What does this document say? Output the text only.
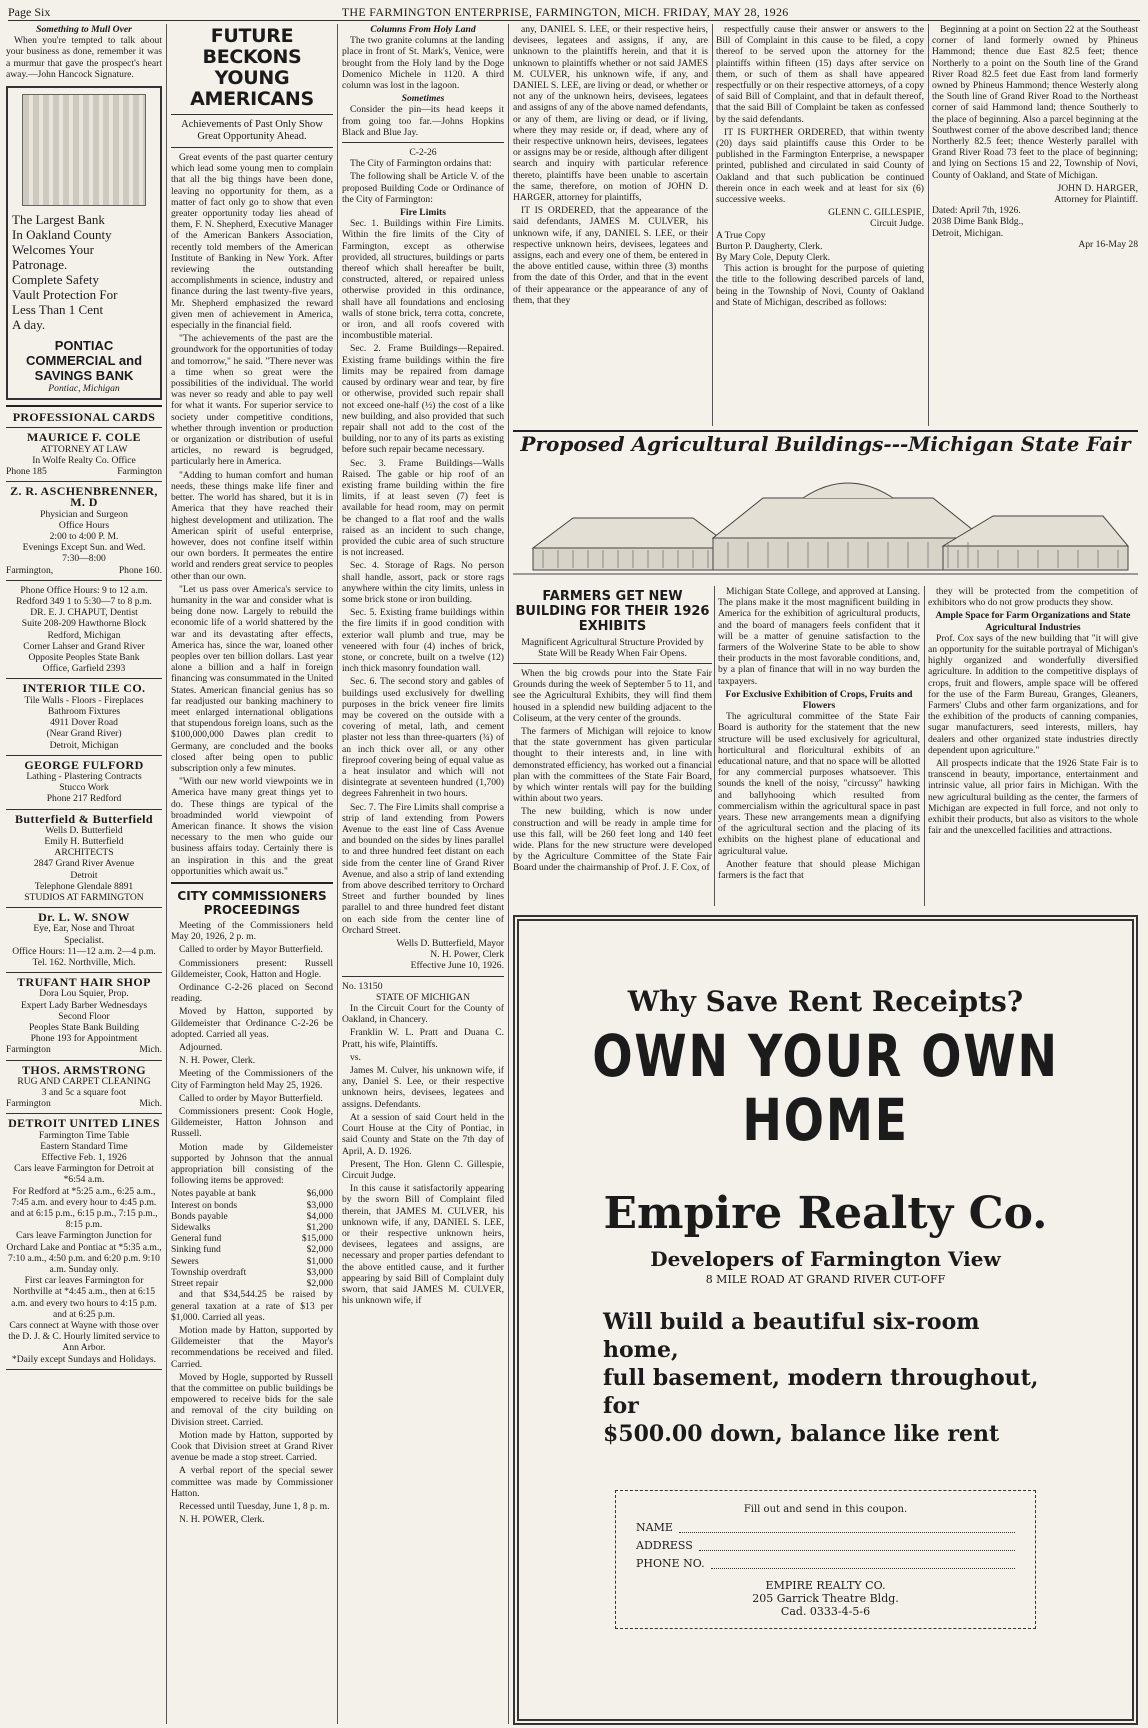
Page Six	THE FARMINGTON ENTERPRISE, FARMINGTON, MICH. FRIDAY, MAY 28, 1926
Something to Mull Over

When you're tempted to talk about your business as done, remember it was a murmur that gave the prospect's heart away.—John Hancock Signature.

The Largest Bank
In Oakland County
Welcomes Your
Patronage.
Complete Safety
Vault Protection For
Less Than 1 Cent
A day.
PONTIAC
COMMERCIAL and
SAVINGS BANK
Pontiac, Michigan
PROFESSIONAL CARDS
MAURICE F. COLE
ATTORNEY AT LAW
In Wolfe Realty Co. Office
Phone 185	Farmington
Z. R. ASCHENBRENNER, M. D
Physician and Surgeon
Office Hours
2:00 to 4:00 P. M.
Evenings Except Sun. and Wed.
7:30—8:00
Farmington,	Phone 160.
Phone Office Hours: 9 to 12 a.m.
Redford 349 1 to 5:30—7 to 8 p.m.
DR. E. J. CHAPUT, Dentist
Suite 208-209 Hawthorne Block
Redford, Michigan
Corner Lahser and Grand River
Opposite Peoples State Bank
Office, Garfield 2393
INTERIOR TILE CO.
Tile Walls - Floors - Fireplaces
Bathroom Fixtures
4911 Dover Road
(Near Grand River)
Detroit, Michigan
GEORGE FULFORD
Lathing - Plastering Contracts
Stucco Work
Phone 217 Redford
Butterfield & Butterfield
Wells D. Butterfield
Emily H. Butterfield
ARCHITECTS
2847 Grand River Avenue
Detroit
Telephone Glendale 8891
STUDIOS AT FARMINGTON
Dr. L. W. SNOW
Eye, Ear, Nose and Throat
Specialist.
Office Hours: 11—12 a.m. 2—4 p.m.
Tel. 162. Northville, Mich.
TRUFANT HAIR SHOP
Dora Lou Squier, Prop.
Expert Lady Barber Wednesdays
Second Floor
Peoples State Bank Building
Phone 193 for Appointment
Farmington	Mich.
THOS. ARMSTRONG
RUG AND CARPET CLEANING
3 and 5c a square foot
Farmington	Mich.
DETROIT UNITED LINES
Farmington Time Table
Eastern Standard Time
Effective Feb. 1, 1926
Cars leave Farmington for Detroit at *6:54 a.m.
For Redford at *5:25 a.m., 6:25 a.m., 7:45 a.m. and every hour to 4:45 p.m. and at 6:15 p.m., 6:15 p.m., 7:15 p.m., 8:15 p.m.
Cars leave Farmington Junction for Orchard Lake and Pontiac at *5:35 a.m., 7:10 a.m., 4:50 p.m. and 6:20 p.m. 9:10 a.m. Sunday only.
First car leaves Farmington for Northville at *4:45 a.m., then at 6:15 a.m. and every two hours to 4:15 p.m. and at 6:25 p.m.
Cars connect at Wayne with those over the D. J. & C. Hourly limited service to Ann Arbor.
*Daily except Sundays and Holidays.
FUTURE BECKONS YOUNG AMERICANS
Achievements of Past Only Show Great Opportunity Ahead.

Great events of the past quarter century which lead some young men to complain that all the big things have been done, leaving no opportunity for them, as a matter of fact only go to show that even greater opportunity today lies ahead of them, F. N. Shepherd, Executive Manager of the American Bankers Association, recently told members of the American Institute of Banking in New York. After reviewing the outstanding accomplishments in science, industry and finance during the last twenty-five years, Mr. Shepherd emphasized the reward given men of achievement in America, especially in the financial field.

"The achievements of the past are the groundwork for the opportunities of today and tomorrow," he said. "There never was a time when so great were the possibilities of the individual. The world was never so ready and able to pay well for what it wants. For superior service to society under competitive conditions, whether through invention or production or organization or distribution of useful articles, no reward is begrudged, particularly here in America.

"Adding to human comfort and human needs, these things make life finer and better. The world has shared, but it is in America that they have reached their highest development and utilization. The American spirit of useful enterprise, however, does not confine itself within our own borders. It permeates the entire world and renders great service to peoples other than our own.

"Let us pass over America's service to humanity in the war and consider what is being done now. Largely to rebuild the economic life of a world shattered by the war and its devastating after effects, America has, since the war, loaned other peoples over ten billion dollars. Last year alone a billion and a half in foreign financing was consummated in the United States. American financial genius has so far readjusted our banking machinery to meet enlarged international obligations that stupendous foreign loans, such as the $100,000,000 Dawes plan credit to Germany, are concluded and the books closed after being open to public subscription only a few minutes.

"With our new world viewpoints we in America have many great things yet to do. These things are typical of the broadminded world viewpoint of American finance. It shows the vision necessary to the men who guide our business affairs today. Certainly there is an inspiration in this and the great opportunities which await us."

CITY COMMISSIONERS PROCEEDINGS

Meeting of the Commissioners held May 20, 1926, 2 p. m.

Called to order by Mayor Butterfield.

Commissioners present: Russell Gildemeister, Cook, Hatton and Hogle.

Ordinance C-2-26 placed on Second reading.

Moved by Hatton, supported by Gildemeister that Ordinance C-2-26 be adopted. Carried all yeas.

Adjourned.

N. H. Power, Clerk.

Meeting of the Commissioners of the City of Farmington held May 25, 1926.

Called to order by Mayor Butterfield.

Commissioners present: Cook Hogle, Gildemeister, Hatton Johnson and Russell.

Motion made by Gildemeister supported by Johnson that the annual appropriation bill consisting of the following items be approved:

Notes payable at bank	$6,000
Interest on bonds	$3,000
Bonds payable	$4,000
Sidewalks	$1,200
General fund	$15,000
Sinking fund	$2,000
Sewers	$1,000
Township overdraft	$3,000
Street repair	$2,000

and that $34,544.25 be raised by general taxation at a rate of $13 per $1,000. Carried all yeas.

Motion made by Hatton, supported by Gildemeister that the Mayor's recommendations be received and filed. Carried.

Moved by Hogle, supported by Russell that the committee on public buildings be empowered to receive bids for the sale and removal of the city building on Division street. Carried.

Motion made by Hatton, supported by Cook that Division street at Grand River avenue be made a stop street. Carried.

A verbal report of the special sewer committee was made by Commissioner Hatton.

Recessed until Tuesday, June 1, 8 p. m.

N. H. POWER, Clerk.

Columns From Holy Land

The two granite columns at the landing place in front of St. Mark's, Venice, were brought from the Holy land by the Doge Domenico Michele in 1120. A third column was lost in the lagoon.

Sometimes

Consider the pin—its head keeps it from going too far.—Johns Hopkins Black and Blue Jay.

C-2-26

The City of Farmington ordains that:

The following shall be Article V. of the proposed Building Code or Ordinance of the City of Farmington:

Fire Limits

Sec. 1. Buildings within Fire Limits. Within the fire limits of the City of Farmington, except as otherwise provided, all structures, buildings or parts thereof which shall hereafter be built, constructed, altered, or repaired unless otherwise provided in this ordinance, shall have all foundations and enclosing walls of stone brick, terra cotta, concrete, or iron, and all roofs covered with incombustible material.

Sec. 2. Frame Buildings—Repaired. Existing frame buildings within the fire limits may be repaired from damage caused by ordinary wear and tear, by fire or otherwise, provided such repair shall not exceed one-half (½) the cost of a like new building, and also provided that such repair shall not add to the cost of the building, nor to any of its parts as existing before such repair became necessary.

Sec. 3. Frame Buildings—Walls Raised. The gable or hip roof of an existing frame building within the fire limits, if at least seven (7) feet is available for head room, may on permit be changed to a flat roof and the walls raised as an incident to such change, provided the cubic area of such structure is not increased.

Sec. 4. Storage of Rags. No person shall handle, assort, pack or store rags anywhere within the city limits, unless in some brick stone or iron building.

Sec. 5. Existing frame buildings within the fire limits if in good condition with exterior wall plumb and true, may be veneered with four (4) inches of brick, stone, or concrete, built on a twelve (12) inch thick masonry foundation wall.

Sec. 6. The second story and gables of buildings used exclusively for dwelling purposes in the brick veneer fire limits may be covered on the outside with a covering of metal, lath, and cement plaster not less than three-quarters (¾) of an inch thick over all, or any other fireproof covering being of equal value as a heat insulator and which will not disintegrate at seventeen hundred (1,700) degrees Fahrenheit in two hours.

Sec. 7. The Fire Limits shall comprise a strip of land extending from Powers Avenue to the east line of Cass Avenue and bounded on the sides by lines parallel to and three hundred feet distant on each side from the center line of Grand River Avenue, and also a strip of land extending from above described territory to Orchard Street and further bounded by lines parallel to and three hundred feet distant on each side from the center line of Orchard Street.

Wells D. Butterfield, Mayor
N. H. Power, Clerk
Effective June 10, 1926.
No. 13150
STATE OF MICHIGAN

In the Circuit Court for the County of Oakland, in Chancery.

Franklin W. L. Pratt and Duana C. Pratt, his wife, Plaintiffs.

vs.

James M. Culver, his unknown wife, if any, Daniel S. Lee, or their respective unknown heirs, devisees, legatees and assigns. Defendants.

At a session of said Court held in the Court House at the City of Pontiac, in said County and State on the 7th day of April, A. D. 1926.

Present, The Hon. Glenn C. Gillespie, Circuit Judge.

In this cause it satisfactorily appearing by the sworn Bill of Complaint filed therein, that JAMES M. CULVER, his unknown wife, if any, DANIEL S. LEE, or their respective unknown heirs, devisees, legatees and assigns, are necessary and proper parties defendant to the above entitled cause, and it further appearing by said Bill of Complaint duly sworn, that said JAMES M. CULVER, his unknown wife, if

any, DANIEL S. LEE, or their respective heirs, devisees, legatees and assigns, if any, are unknown to the plaintiffs herein, and that it is unknown to plaintiffs whether or not said JAMES M. CULVER, his unknown wife, if any, and DANIEL S. LEE, are living or dead, or whether or not any of the unknown heirs, devisees, legatees and assigns of any of the above named defendants, or any of them, are living or dead, or if living, where they may reside or, if dead, where any of their respective unknown heirs, devisees, legatees or assigns may be or reside, although after diligent search and inquiry with particular reference thereto, plaintiffs have been unable to ascertain the same, therefore, on motion of JOHN D. HARGER, attorney for plaintiffs,

IT IS ORDERED, that the appearance of the said defendants, JAMES M. CULVER, his unknown wife, if any, DANIEL S. LEE, or their respective unknown heirs, devisees, legatees and assigns, each and every one of them, be entered in the above entitled cause, within three (3) months from the date of this Order, and that in the event of their appearance or the appearance of any of them, that they

respectfully cause their answer or answers to the Bill of Complaint in this cause to be filed, a copy thereof to be served upon the attorney for the plaintiffs within fifteen (15) days after service on them, or such of them as shall have appeared respectfully or on their respective attorneys, of a copy of said Bill of Complaint, and that in default thereof, that the said Bill of Complaint be taken as confessed by the said defendants.

IT IS FURTHER ORDERED, that within twenty (20) days said plaintiffs cause this Order to be published in the Farmington Enterprise, a newspaper printed, published and circulated in said County of Oakland and that such publication be continued therein once in each week and at least for six (6) successive weeks.

GLENN C. GILLESPIE,
Circuit Judge.
A True Copy
Burton P. Daugherty, Clerk.
By Mary Cole, Deputy Clerk.

This action is brought for the purpose of quieting the title to the following described parcels of land, being in the Township of Novi, County of Oakland and State of Michigan, described as follows:

Beginning at a point on Section 22 at the Southeast corner of land formerly owned by Phineus Hammond; thence due East 82.5 feet; thence Northerly to a point on the South line of the Grand River Road 82.5 feet due East from land formerly owned by Phineus Hammond; thence Westerly along the South line of Grand River Road to the Northeast corner of said Hammond land; thence Southerly to the place of beginning. Also a parcel beginning at the Southwest corner of the above described land; thence Northerly 82.5 feet; thence Westerly parallel with Grand River Road 73 feet to the place of beginning; and lying on Sections 15 and 22, Township of Novi, County of Oakland, and State of Michigan.

JOHN D. HARGER,
Attorney for Plaintiff.
Dated: April 7th, 1926.
2038 Dime Bank Bldg.,
Detroit, Michigan.
Apr 16-May 28
Proposed Agricultural Buildings---Michigan State Fair
FARMERS GET NEW BUILDING FOR THEIR 1926 EXHIBITS
Magnificent Agricultural Structure Provided by State Will be Ready When Fair Opens.

When the big crowds pour into the State Fair Grounds during the week of September 5 to 11, and see the Agricultural Exhibits, they will find them housed in a splendid new building adjacent to the Coliseum, at the very center of the grounds.

The farmers of Michigan will rejoice to know that the state government has given particular thought to their interests and, in line with demonstrated efficiency, has worked out a financial plan with the committees of the State Fair Board, by which winter rentals will pay for the building within about two years.

The new building, which is now under construction and will be ready in ample time for use this fall, will be 260 feet long and 140 feet wide. Plans for the new structure were developed by the Agriculture Committee of the State Fair Board under the chairmanship of Prof. J. F. Cox, of

Michigan State College, and approved at Lansing. The plans make it the most magnificent building in America for the exhibition of agricultural products, and the board of managers feels confident that it will be a matter of genuine satisfaction to the farmers of the Wolverine State to be able to show their products in the most favorable conditions, and, by a plan of finance that will in no way burden the taxpayers.

For Exclusive Exhibition of Crops, Fruits and Flowers

The agricultural committee of the State Fair Board is authority for the statement that the new structure will be used exclusively for agricultural, horticultural and floricultural exhibits of an educational nature, and that no space will be allotted for any commercial purposes whatsoever. This sounds the knell of the noisy, "circussy" hawking and ballyhooing which resulted from commercialism within the agricultural space in past years. These new arrangements mean a dignifying of the agricultural section and the placing of its exhibits on the highest plane of educational and agricultural value.

Another feature that should please Michigan farmers is the fact that

they will be protected from the competition of exhibitors who do not grow products they show.

Ample Space for Farm Organizations and State Agricultural Industries

Prof. Cox says of the new building that "it will give an opportunity for the suitable portrayal of Michigan's highly organized and wonderfully diversified agriculture. In addition to the competitive displays of crops, fruit and flowers, ample space will be offered for the use of the Farm Bureau, Granges, Gleaners, Farmers' Clubs and other farm organizations, and for the exhibition of the products of canning companies, sugar manufacturers, seed interests, millers, hay dealers and other organized state industries directly dependent upon agriculture."

All prospects indicate that the 1926 State Fair is to transcend in beauty, importance, entertainment and intrinsic value, all prior fairs in Michigan. With the new agricultural building as the center, the farmers of Michigan are expected in full force, and not only to exhibit their products, but also as visitors to the whole fair and the unexcelled facilities and attractions.

Why Save Rent Receipts?
OWN YOUR OWN HOME
Empire Realty Co.
Developers of Farmington View
8 MILE ROAD AT GRAND RIVER CUT-OFF
Will build a beautiful six-room home,
full basement, modern throughout, for
$500.00 down, balance like rent
Fill out and send in this coupon.
NAME
ADDRESS
PHONE NO.
EMPIRE REALTY CO.
205 Garrick Theatre Bldg.
Cad. 0333-4-5-6
